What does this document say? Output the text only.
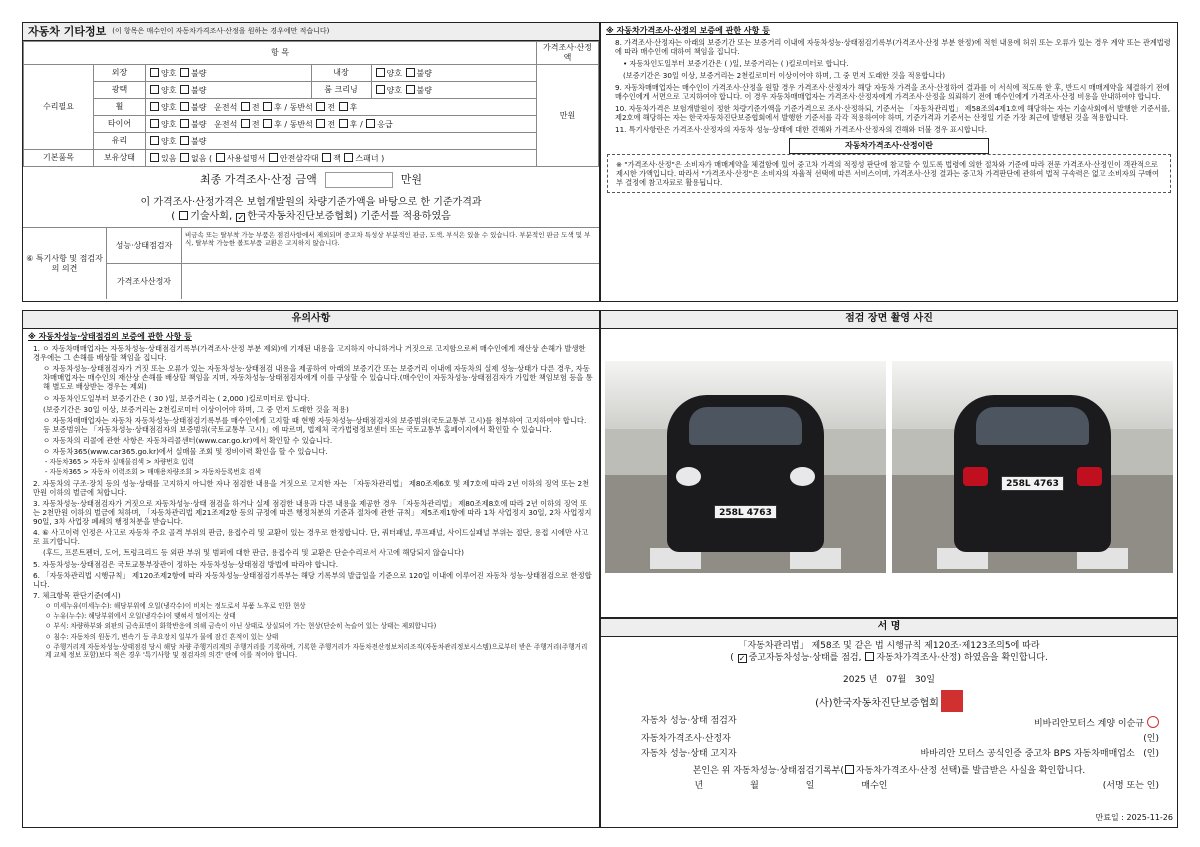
자동차 기타정보 (이 항목은 매수인이 자동차가격조사·산정을 원하는 경우에만 적습니다)
항 목					가격조사·산정액
수리필요	외장	양호 불량	내장	양호 불량	만원
	광택	양호 불량	룸 크리닝	양호 불량	
	휠	양호 불량 운전석 전 후 / 동반석 전 후			
	타이어	양호 불량 운전석 전 후 / 동반석 전 후 / 응급			
	유리	양호 불량			
기본품목	보유상태	있음 없음 ( 사용설명서 안전삼각대 잭 스패너 )			
최종 가격조사·산정 금액	만원
이 가격조사·산정가격은 보험개발원의 차량기준가액을 바탕으로 한 기준가격과
( 기술사회, ✓ 한국자동차진단보증협회) 기준서를 적용하였음
⑥ 특기사항 및 점검자의 의견
성능·상태점검자
비금속 또는 탈부착 가능 부품은 점검사항에서 제외되며 중고차 특성상 부분적인 판금, 도색, 부식은 있을 수 있습니다. 부분적인 판금 도색 및 부식, 탈부착 가능한 볼트부품 교환은 고지하지 않습니다.
가격조사산정자
※ 자동차가격조사·산정의 보증에 관한 사항 등

8. 가격조사·산정자는 아래의 보증기간 또는 보증거리 이내에 자동차성능·상태점검기록부(가격조사·산정 부분 한정)에 적힌 내용에 허위 또는 오류가 있는 경우 계약 또는 관계법령에 따라 매수인에 대하여 책임을 집니다.

• 자동차인도일부터 보증기간은 ( )일, 보증거리는 ( )킬로미터로 합니다.

(보증기간은 30일 이상, 보증거리는 2천킬로미터 이상이어야 하며, 그 중 먼저 도래한 것을 적용합니다)

9. 자동차매매업자는 매수인이 가격조사·산정을 원할 경우 가격조사·산정자가 해당 자동차 가격을 조사·산정하여 결과를 이 서식에 적도록 한 후, 반드시 매매계약을 체결하기 전에 매수인에게 서면으로 고지하여야 합니다. 이 경우 자동차매매업자는 가격조사·산정자에게 가격조사·산정을 의뢰하기 전에 매수인에게 가격조사·산정 비용을 안내하여야 합니다.

10. 자동차가격은 보험개발원이 정한 차량기준가액을 기준가격으로 조사·산정하되, 기준서는 「자동차관리법」 제58조의4제1호에 해당하는 자는 기술사회에서 발행한 기준서를, 제2호에 해당하는 자는 한국자동차진단보증협회에서 발행한 기준서를 각각 적용하여야 하며, 기준가격과 기준서는 산정일 기준 가장 최근에 발행된 것을 적용합니다.

11. 특기사항란은 가격조사·산정자의 자동차 성능·상태에 대한 견해와 가격조사·산정자의 견해와 더불 경우 표시합니다.

자동차가격조사·산정이란
※ "가격조사·산정"은 소비자가 매매계약을 체결함에 있어 중고차 가격의 적정성 판단에 참고할 수 있도록 법령에 의한 절차와 기준에 따라 전문 가격조사·산정인이 객관적으로 제시한 가액입니다. 따라서 "가격조사·산정"은 소비자의 자율적 선택에 따른 서비스이며, 가격조사·산정 결과는 중고차 가격판단에 관하여 법적 구속력은 없고 소비자의 구매여부 결정에 참고자료로 활용됩니다.
유의사항
※ 자동차성능·상태점검의 보증에 관한 사항 등

1. ㅇ 자동차매매업자는 자동차성능·상태점검기록부(가격조사·산정 부분 제외)에 기재된 내용을 고지하지 아니하거나 거짓으로 고지함으로써 매수인에게 재산상 손해가 발생한 경우에는 그 손해를 배상할 책임을 집니다.

ㅇ 자동차성능·상태점검자가 거짓 또는 오류가 있는 자동차성능·상태점검 내용을 제공하여 아래의 보증기간 또는 보증거리 이내에 자동차의 실제 성능·상태가 다른 경우, 자동차매매업자는 매수인의 재산상 손해를 배상할 책임을 지며, 자동차성능·상태점검자에게 이를 구상할 수 있습니다.(매수인이 자동차성능·상태점검자가 가입한 책임보험 등을 통해 별도로 배상받는 경우는 제외)

ㅇ 자동차인도일부터 보증기간은 ( 30 )일, 보증거리는 ( 2,000 )킬로미터로 합니다.

(보증기간은 30일 이상, 보증거리는 2천킬로미터 이상이어야 하며, 그 중 먼저 도래한 것을 적용)

ㅇ 자동차매매업자는 자동차 자동차성능·상태점검기록부를 매수인에게 고지할 때 현행 자동차성능·상태점검자의 보증범위(국토교통부 고시)를 첨부하여 고지하여야 합니다. 등 보증범위는 「자동차성능·상태점검자의 보증범위(국토교통부 고시)」에 따르며, 법제처 국가법령정보센터 또는 국토교통부 홈페이지에서 확인할 수 있습니다.

ㅇ 자동차의 리콜에 관한 사항은 자동차리콜센터(www.car.go.kr)에서 확인할 수 있습니다.

ㅇ 자동차365(www.car365.go.kr)에서 실매물 조회 및 정비이력 확인을 할 수 있습니다.

- 자동차365 > 자동차 실매물검색 > 차량번호 입력

- 자동차365 > 자동차 이력조회 > 매매용차량조회 > 자동차등록번호 검색

2. 자동차의 구조·장치 등의 성능·상태를 고지하지 아니한 자나 점검한 내용을 거짓으로 고지한 자는 「자동차관리법」 제80조제6호 및 제7호에 따라 2년 이하의 징역 또는 2천만원 이하의 벌금에 처합니다.

3. 자동차성능·상태점검자가 거짓으로 자동차성능·상태 점검을 하거나 실제 점검한 내용과 다른 내용을 제공한 경우 「자동차관리법」 제80조제8호에 따라 2년 이하의 징역 또는 2천만원 이하의 벌금에 처하며, 「자동차관리법 제21조제2항 등의 규정에 따른 행정처분의 기준과 절차에 관한 규칙」 제5조제1항에 따라 1차 사업정지 30일, 2차 사업정지 90일, 3차 사업장 폐쇄의 행정처분을 받습니다.

4. ⑥ 사고이력 인정은 사고로 자동차 주요 골격 부위의 판금, 용접수리 및 교환이 있는 경우로 한정합니다. 단, 쿼터패널, 루프패널, 사이드실패널 부위는 절단, 용접 시에만 사고로 표기합니다.

(후드, 프론트펜더, 도어, 트렁크리드 등 외판 부위 및 범퍼에 대한 판금, 용접수리 및 교환은 단순수리로서 사고에 해당되지 않습니다)

5. 자동차성능·상태점검은 국토교통부장관이 정하는 자동차성능·상태점검 방법에 따라야 합니다.

6. 「자동차관리법 시행규칙」 제120조제2항에 따라 자동차성능·상태점검기록부는 해당 기록부의 발급일을 기준으로 120일 이내에 이루어진 자동차 성능·상태점검으로 한정합니다.

7. 체크항목 판단기준(예시)

ㅇ 미세누유(미세누수): 해당부위에 오일(냉각수)이 비치는 정도로서 부품 노후로 인한 현상

ㅇ 누유(누수): 해당부위에서 오일(냉각수)이 맺혀서 떨어지는 상태

ㅇ 부식: 차량하부와 외판의 금속표면이 화학반응에 의해 금속이 아닌 상태로 상실되어 가는 현상(단순히 녹슬어 있는 상태는 제외합니다)

ㅇ 침수: 자동차의 원동기, 변속기 등 주요장치 일부가 물에 잠긴 흔적이 있는 상태

ㅇ 주행거리계 자동차성능·상태점검 당시 해당 차량 주행거리계의 주행거리를 기록하며, 기록한 주행거리가 자동차전산정보처리조직(자동차관리정보시스템)으로부터 받은 주행거리(주행거리계 교체 정보 포함)보다 적은 경우 '특기사항 및 점검자의 의견' 란에 이를 적어야 합니다.

점검 장면 촬영 사진
258L 4763
258L 4763
서 명
「자동차관리법」 제58조 및 같은 법 시행규칙 제120조·제123조의5에 따라
( ✓ 중고자동차성능·상태를 점검, 자동차가격조사·산정) 하였음을 확인합니다.
2025 년 07월 30일
(사)한국자동차진단보증협회
자동차 성능·상태 점검자	비바리안모터스 계양 이순규
자동차가격조사·산정자	(인)
자동차 성능·상태 고지자	바바리안 모터스 공식인증 중고차 BPS 자동차매매업소 (인)
본인은 위 자동차성능·상태점검기록부( 자동차가격조사·산정 선택)를 발급받은 사실을 확인합니다.
년	월	일	매수인	(서명 또는 인)
만료일 : 2025-11-26
